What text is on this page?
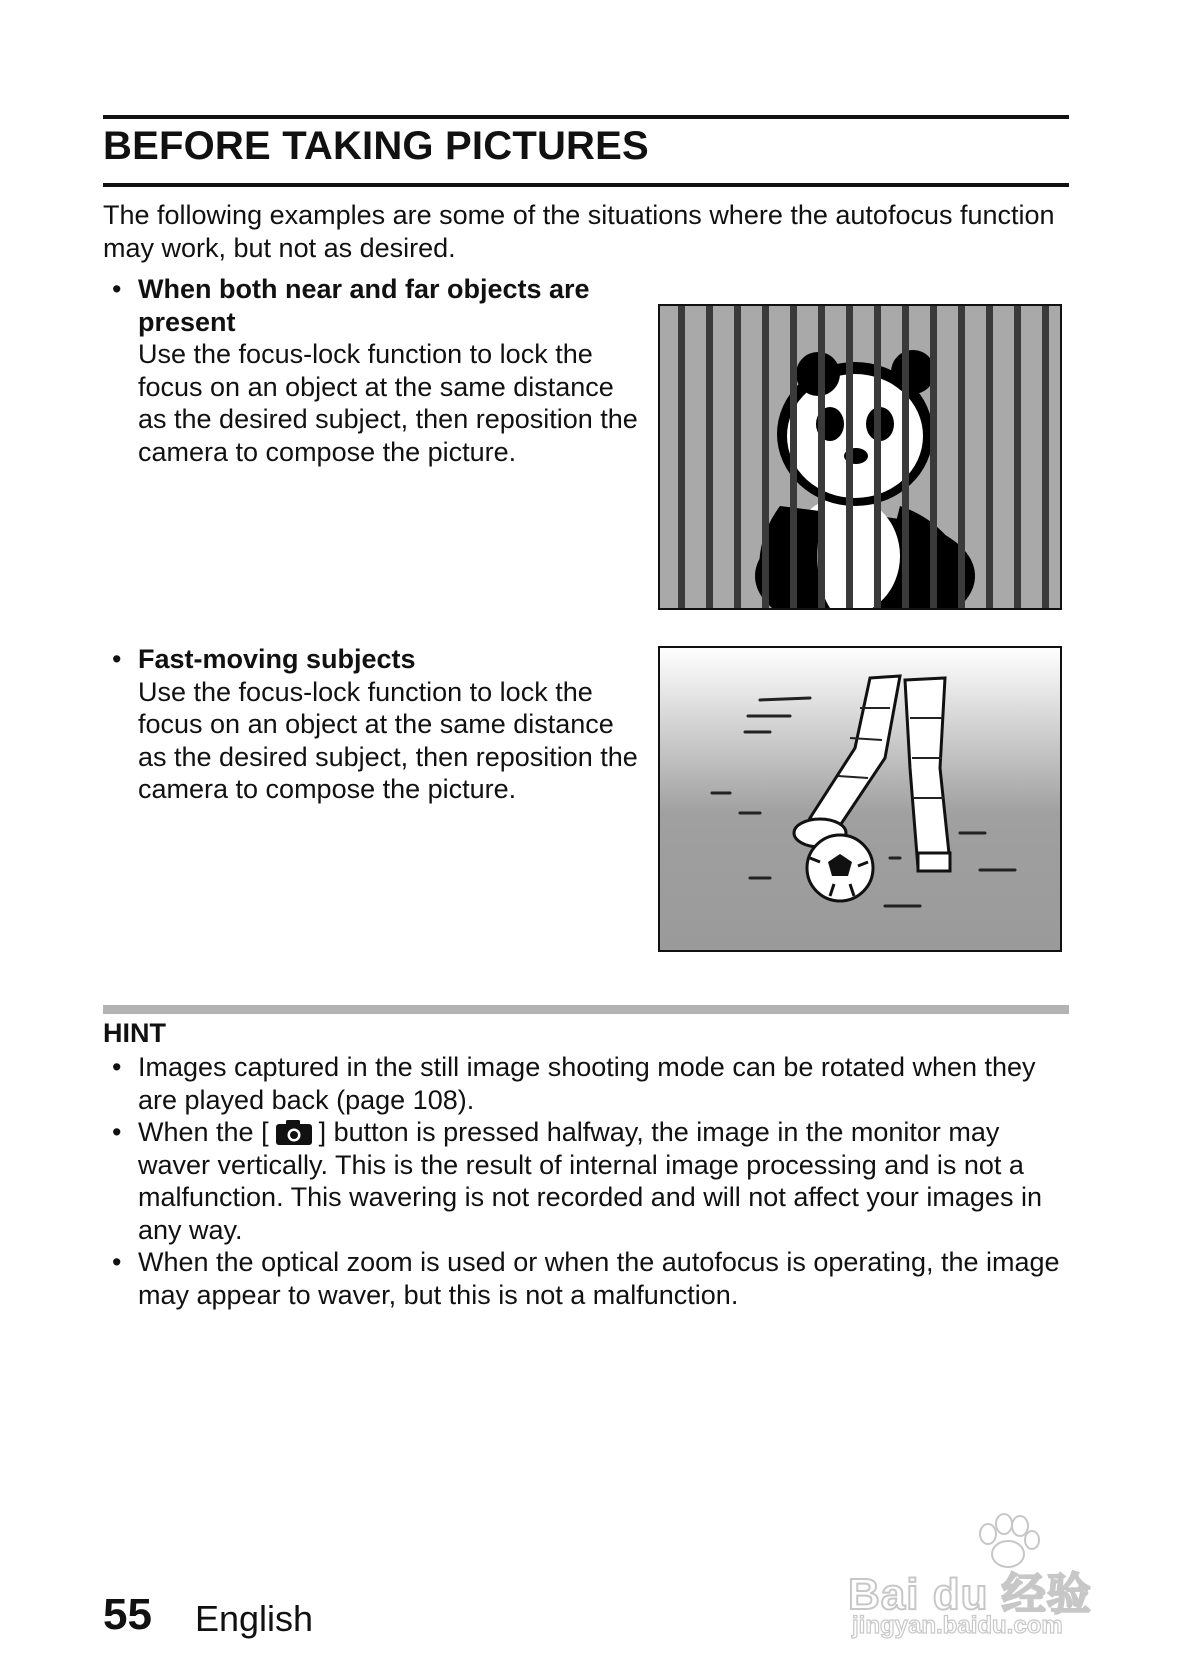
BEFORE TAKING PICTURES

The following examples are some of the situations where the autofocus function may work, but not as desired.

• When both near and far objects are present
Use the focus-lock function to lock the focus on an object at the same distance as the desired subject, then reposition the camera to compose the picture.
• Fast-moving subjects
Use the focus-lock function to lock the focus on an object at the same distance as the desired subject, then reposition the camera to compose the picture.
HINT
• Images captured in the still image shooting mode can be rotated when they are played back (page 108).
• When the [ ] button is pressed halfway, the image in the monitor may waver vertically. This is the result of internal image processing and is not a malfunction. This wavering is not recorded and will not affect your images in any way.
• When the optical zoom is used or when the autofocus is operating, the image may appear to waver, but this is not a malfunction.
55 English	Bai du 经验
jingyan.baidu.com
